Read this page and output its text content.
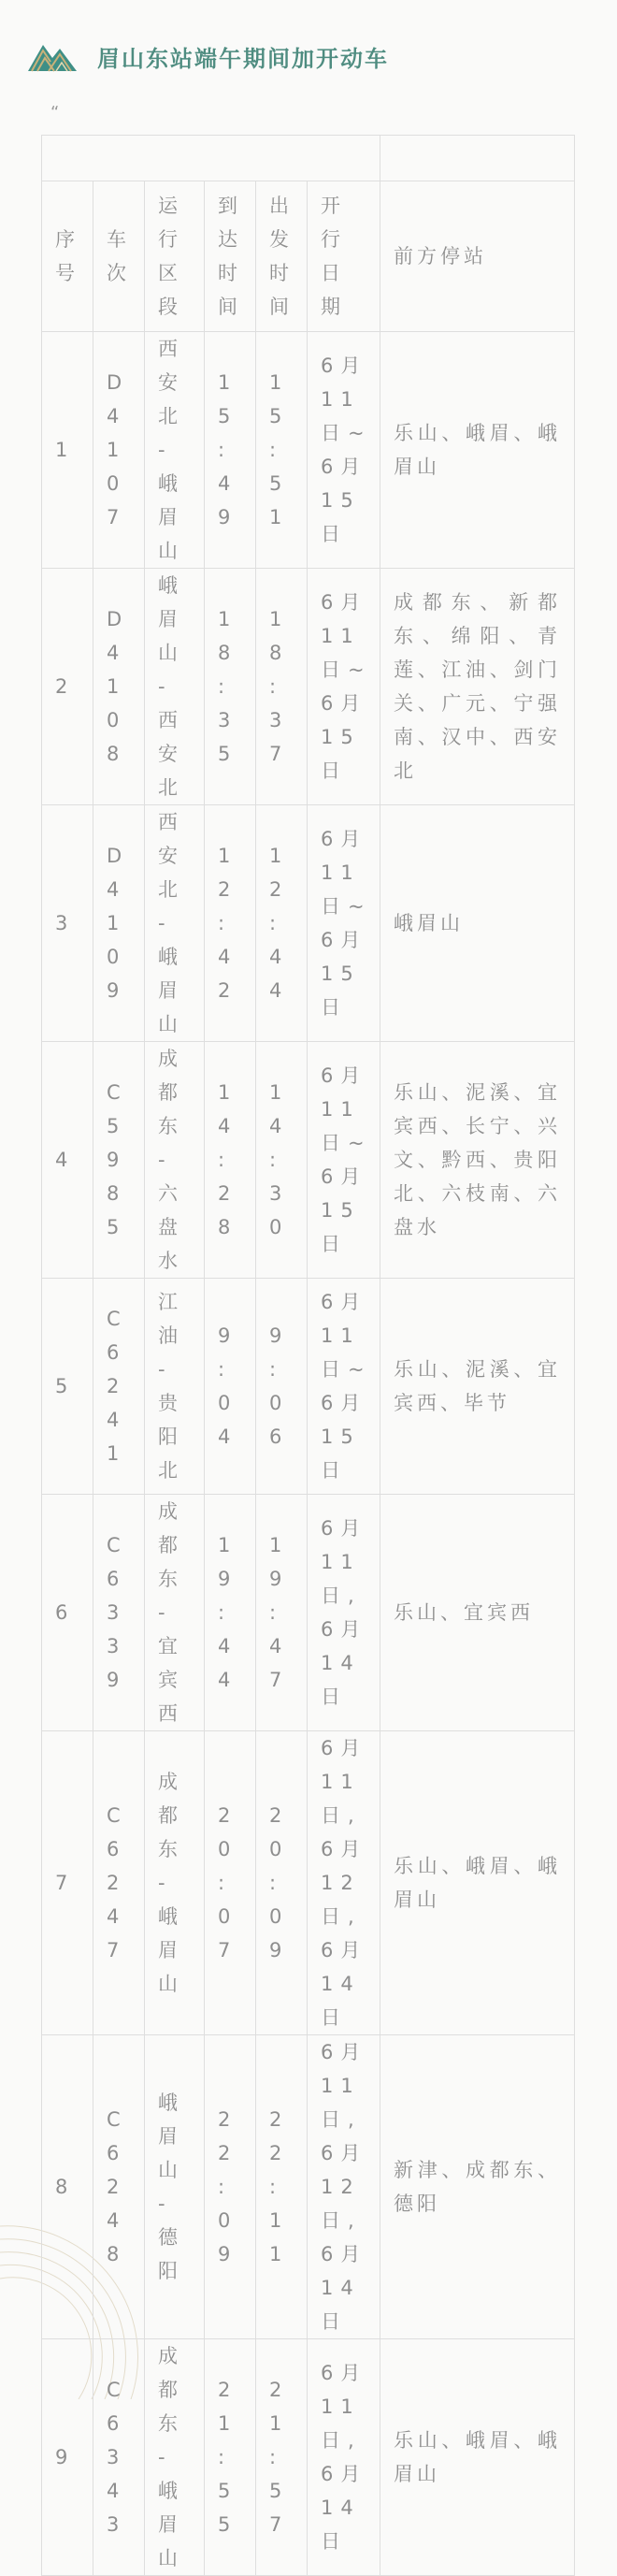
眉山东站端午期间加开动车
“

序号	车次	运行区段	到达时间	出发时间	开行日期	前方停站
1	D4107	西安北-峨眉山	15:49	15:51	6月11日~6月15日	乐山、峨眉、峨眉山
2	D4108	峨眉山-西安北	18:35	18:37	6月11日~6月15日	成都东、新都东、绵阳、青莲、江油、剑门关、广元、宁强南、汉中、西安北
3	D4109	西安北-峨眉山	12:42	12:44	6月11日~6月15日	峨眉山
4	C5985	成都东-六盘水	14:28	14:30	6月11日~6月15日	乐山、泥溪、宜宾西、长宁、兴文、黔西、贵阳北、六枝南、六盘水
5	C6241	江油-贵阳北	9:04	9:06	6月11日~6月15日	乐山、泥溪、宜宾西、毕节
6	C6339	成都东-宜宾西	19:44	19:47	6月11日,6月14日	乐山、宜宾西
7	C6247	成都东-峨眉山	20:07	20:09	6月11日,6月12日,6月14日	乐山、峨眉、峨眉山
8	C6248	峨眉山-德阳	22:09	22:11	6月11日,6月12日,6月14日	新津、成都东、德阳
9	C6343	成都东-峨眉山	21:55	21:57	6月11日,6月14日	乐山、峨眉、峨眉山
